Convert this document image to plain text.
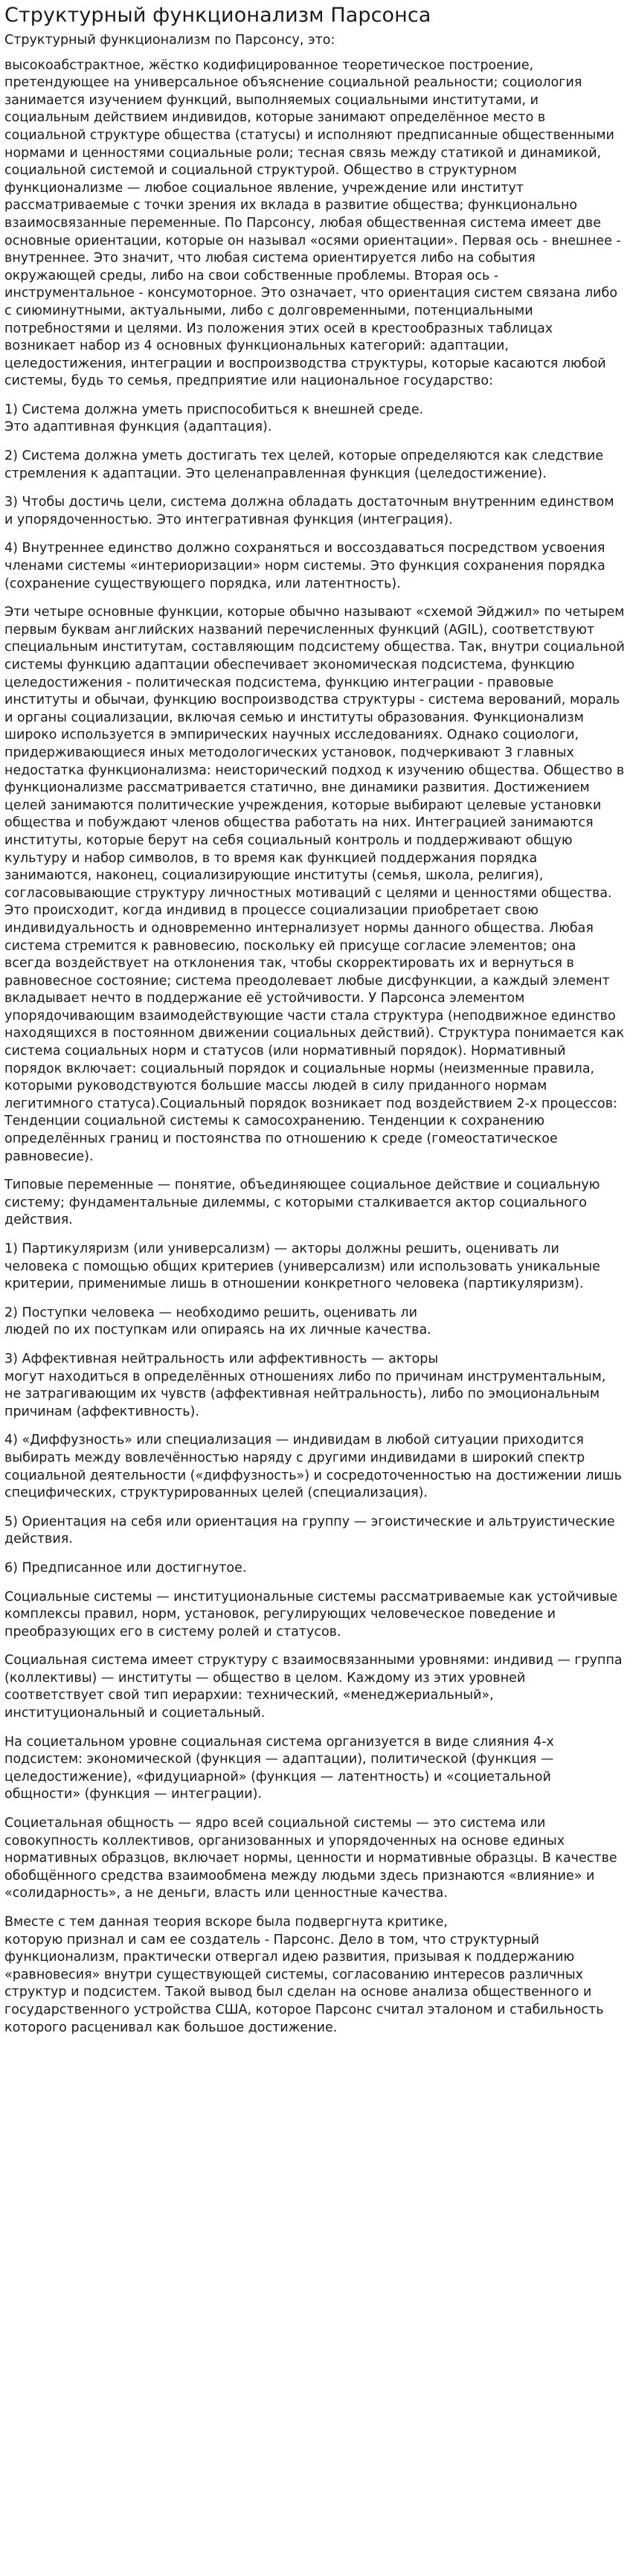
Структурный функционализм Парсонса

Структурный функционализм по Парсонсу, это:

высокоабстрактное, жёстко кодифицированное теоретическое построение, претендующее на универсальное объяснение социальной реальности; социология занимается изучением функций, выполняемых социальными институтами, и социальным действием индивидов, которые занимают определённое место в социальной структуре общества (статусы) и исполняют предписанные общественными нормами и ценностями социальные роли; тесная связь между статикой и динамикой, социальной системой и социальной структурой. Общество в структурном функционализме — любое социальное явление, учреждение или институт рассматриваемые с точки зрения их вклада в развитие общества; функционально взаимосвязанные переменные. По Парсонсу, любая общественная система имеет две основные ориентации, которые он называл «осями ориентации». Первая ось - внешнее - внутреннее. Это значит, что любая система ориентируется либо на события окружающей среды, либо на свои собственные проблемы. Вторая ось - инструментальное - консумоторное. Это означает, что ориентация систем связана либо с сиюминутными, актуальными, либо с долговременными, потенциальными потребностями и целями. Из положения этих осей в крестообразных таблицах возникает набор из 4 основных функциональных категорий: адаптации, целедостижения, интеграции и воспроизводства структуры, которые касаются любой системы, будь то семья, предприятие или национальное государство:

1) Система должна уметь приспособиться к внешней среде.
Это адаптивная функция (адаптация).

2) Система должна уметь достигать тех целей, которые определяются как следствие стремления к адаптации. Это целенаправленная функция (целедостижение).

3) Чтобы достичь цели, система должна обладать достаточным внутренним единством и упорядоченностью. Это интегративная функция (интеграция).

4) Внутреннее единство должно сохраняться и воссоздаваться посредством усвоения членами системы «интериоризации» норм системы. Это функция сохранения порядка (сохранение существующего порядка, или латентность).

Эти четыре основные функции, которые обычно называют «схемой Эйджил» по четырем первым буквам английских названий перечисленных функций (AGIL), соответствуют специальным институтам, составляющим подсистему общества. Так, внутри социальной системы функцию адаптации обеспечивает экономическая подсистема, функцию целедостижения - политическая подсистема, функцию интеграции - правовые институты и обычаи, функцию воспроизводства структуры - система верований, мораль и органы социализации, включая семью и институты образования. Функционализм широко используется в эмпирических научных исследованиях. Однако социологи, придерживающиеся иных методологических установок, подчеркивают 3 главных недостатка функционализма: неисторический подход к изучению общества. Общество в функционализме рассматривается статично, вне динамики развития. Достижением целей занимаются политические учреждения, которые выбирают целевые установки общества и побуждают членов общества работать на них. Интеграцией занимаются институты, которые берут на себя социальный контроль и поддерживают общую культуру и набор символов, в то время как функцией поддержания порядка занимаются, наконец, социализирующие институты (семья, школа, религия), согласовывающие структуру личностных мотиваций с целями и ценностями общества. Это происходит, когда индивид в процессе социализации приобретает свою индивидуальность и одновременно интернализует нормы данного общества. Любая система стремится к равновесию, поскольку ей присуще согласие элементов; она всегда воздействует на отклонения так, чтобы скорректировать их и вернуться в равновесное состояние; система преодолевает любые дисфункции, а каждый элемент вкладывает нечто в поддержание её устойчивости. У Парсонса элементом упорядочивающим взаимодействующие части стала структура (неподвижное единство находящихся в постоянном движении социальных действий). Структура понимается как система социальных норм и статусов (или нормативный порядок). Нормативный порядок включает: социальный порядок и социальные нормы (неизменные правила, которыми руководствуются большие массы людей в силу приданного нормам легитимного статуса).Социальный порядок возникает под воздействием 2-х процессов: Тенденции социальной системы к самосохранению. Тенденции к сохранению определённых границ и постоянства по отношению к среде (гомеостатическое равновесие).

Типовые переменные — понятие, объединяющее социальное действие и социальную систему; фундаментальные дилеммы, с которыми сталкивается актор социального действия.

1) Партикуляризм (или универсализм) — акторы должны решить, оценивать ли человека с помощью общих критериев (универсализм) или использовать уникальные критерии, применимые лишь в отношении конкретного человека (партикуляризм).

2) Поступки человека — необходимо решить, оценивать ли
людей по их поступкам или опираясь на их личные качества.

3) Аффективная нейтральность или аффективность — акторы
могут находиться в определённых отношениях либо по причинам инструментальным, не затрагивающим их чувств (аффективная нейтральность), либо по эмоциональным причинам (аффективность).

4) «Диффузность» или специализация — индивидам в любой ситуации приходится выбирать между вовлечённостью наряду с другими индивидами в широкий спектр социальной деятельности («диффузность») и сосредоточенностью на достижении лишь специфических, структурированных целей (специализация).

5) Ориентация на себя или ориентация на группу — эгоистические и альтруистические действия.

6) Предписанное или достигнутое.

Социальные системы — институциональные системы рассматриваемые как устойчивые комплексы правил, норм, установок, регулирующих человеческое поведение и преобразующих его в систему ролей и статусов.

Социальная система имеет структуру с взаимосвязанными уровнями: индивид — группа (коллективы) — институты — общество в целом. Каждому из этих уровней соответствует свой тип иерархии: технический, «менеджериальный», институциональный и социетальный.

На социетальном уровне социальная система организуется в виде слияния 4-х подсистем: экономической (функция — адаптации), политической (функция — целедостижение), «фидуциарной» (функция — латентность) и «социетальной общности» (функция — интеграции).

Социетальная общность — ядро всей социальной системы — это система или совокупность коллективов, организованных и упорядоченных на основе единых нормативных образцов, включает нормы, ценности и нормативные образцы. В качестве обобщённого средства взаимообмена между людьми здесь признаются «влияние» и «солидарность», а не деньги, власть или ценностные качества.

Вместе с тем данная теория вскоре была подвергнута критике,
которую признал и сам ее создатель - Парсонс. Дело в том, что структурный функционализм, практически отвергал идею развития, призывая к поддержанию «равновесия» внутри существующей системы, согласованию интересов различных структур и подсистем. Такой вывод был сделан на основе анализа общественного и государственного устройства США, которое Парсонс считал эталоном и стабильность которого расценивал как большое достижение.
